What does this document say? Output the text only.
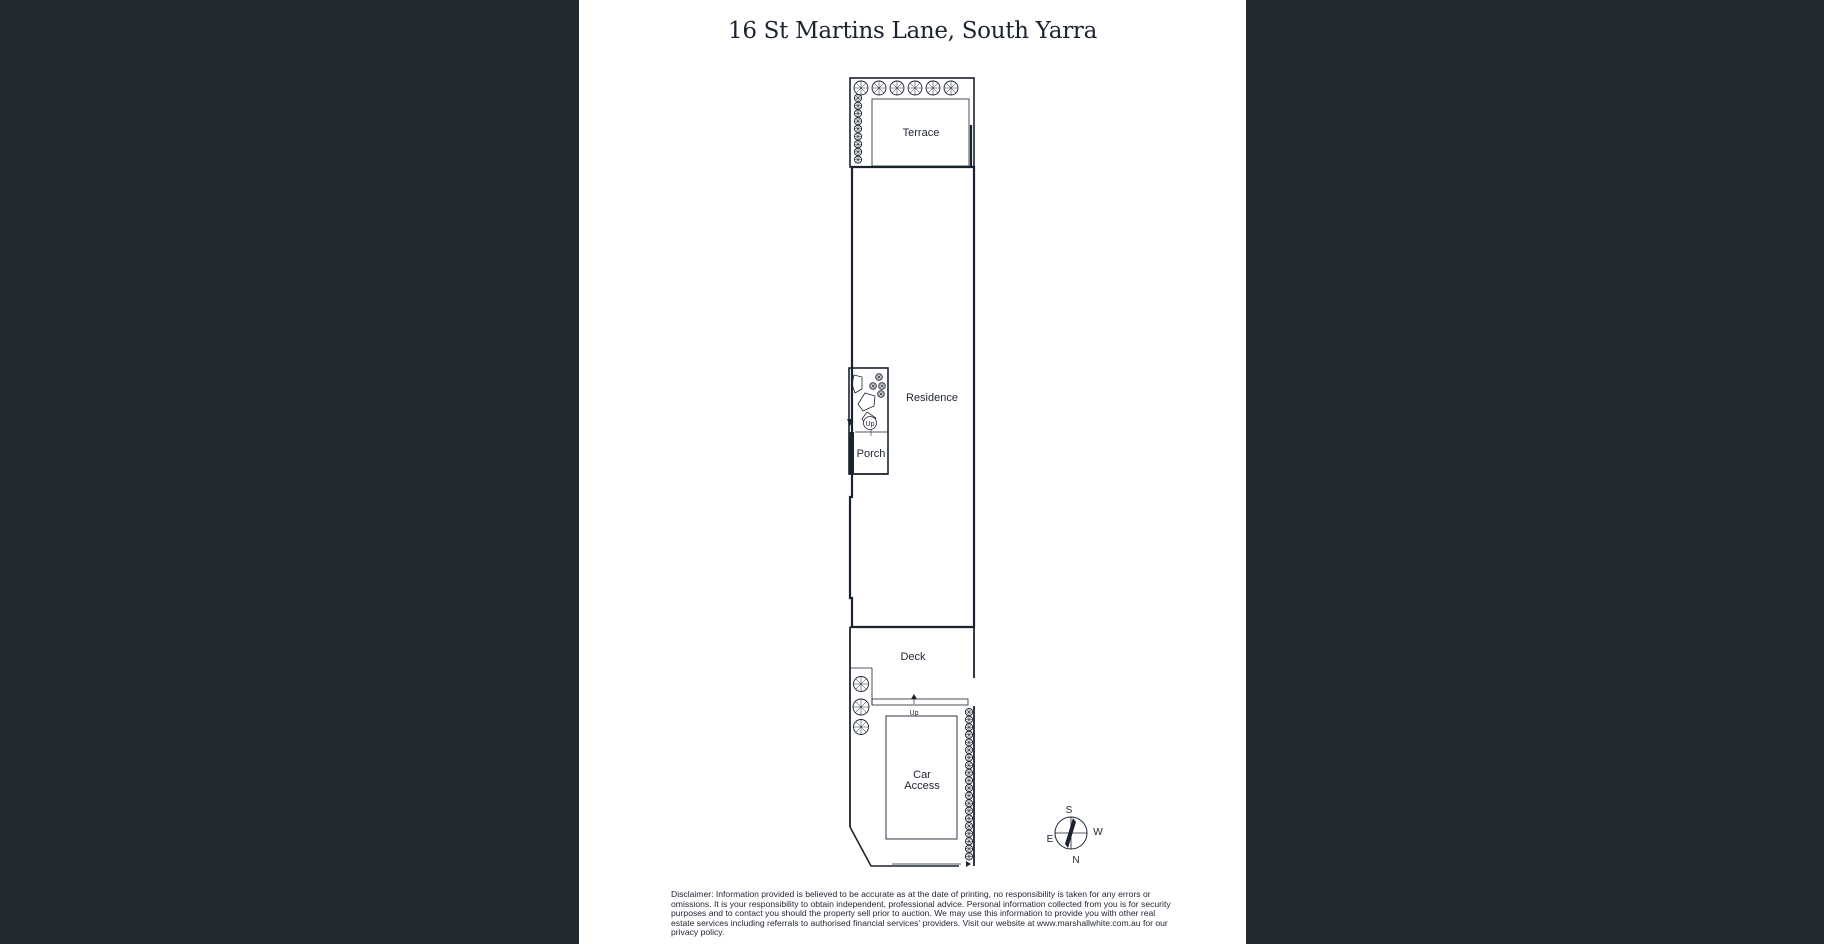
16 St Martins Lane, South Yarra
Terrace
Residence
Porch
Up
Deck
Up
Car
Access
S
W
E
N
Disclaimer: Information provided is believed to be accurate as at the date of printing, no responsibility is taken for any errors or omissions. It is your responsibility to obtain independent, professional advice. Personal information collected from you is for security purposes and to contact you should the property sell prior to auction. We may use this information to provide you with other real estate services including referrals to authorised financial services' providers. Visit our website at www.marshallwhite.com.au for our privacy policy.
